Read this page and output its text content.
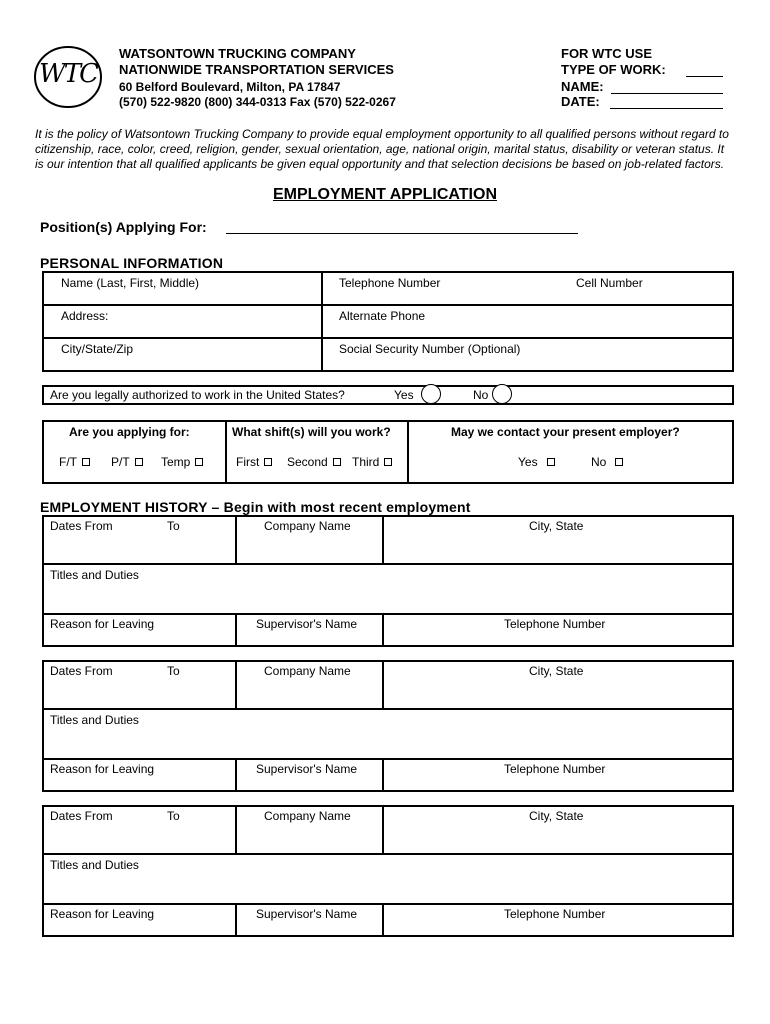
WTC
WATSONTOWN TRUCKING COMPANY
NATIONWIDE TRANSPORTATION SERVICES
60 Belford Boulevard, Milton, PA 17847
(570) 522-9820 (800) 344-0313 Fax (570) 522-0267
FOR WTC USE
TYPE OF WORK:
NAME:
DATE:
It is the policy of Watsontown Trucking Company to provide equal employment opportunity to all qualified persons without regard to citizenship, race, color, creed, religion, gender, sexual orientation, age, national origin, marital status, disability or veteran status. It is our intention that all qualified applicants be given equal opportunity and that selection decisions be based on job-related factors.
EMPLOYMENT APPLICATION
Position(s) Applying For:
PERSONAL INFORMATION
Name (Last, First, Middle)	Telephone Number	Cell Number
Address:	Alternate Phone
City/State/Zip	Social Security Number (Optional)
Are you legally authorized to work in the United States?	Yes	No
Are you applying for:
F/T	P/T	Temp
What shift(s) will you work?
First	Second	Third
May we contact your present employer?
Yes	No
EMPLOYMENT HISTORY – Begin with most recent employment
Dates From	To	Company Name	City, State
Titles and Duties
Reason for Leaving	Supervisor's Name	Telephone Number
Dates From	To	Company Name	City, State
Titles and Duties
Reason for Leaving	Supervisor's Name	Telephone Number
Dates From	To	Company Name	City, State
Titles and Duties
Reason for Leaving	Supervisor's Name	Telephone Number
